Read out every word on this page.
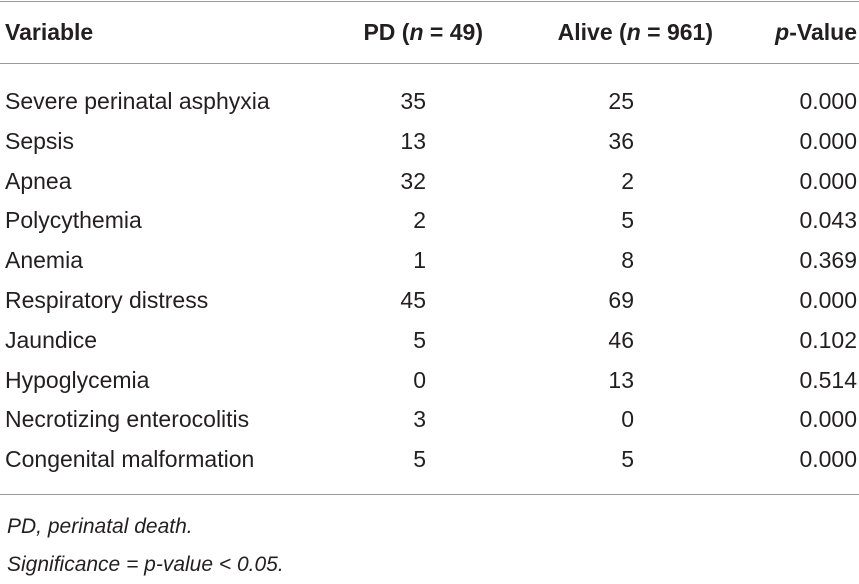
Variable	PD (n = 49)	Alive (n = 961)	p-Value
Severe perinatal asphyxia	35	25	0.000
Sepsis	13	36	0.000
Apnea	32	2	0.000
Polycythemia	2	5	0.043
Anemia	1	8	0.369
Respiratory distress	45	69	0.000
Jaundice	5	46	0.102
Hypoglycemia	0	13	0.514
Necrotizing enterocolitis	3	0	0.000
Congenital malformation	5	5	0.000
PD, perinatal death.
Significance = p-value < 0.05.
